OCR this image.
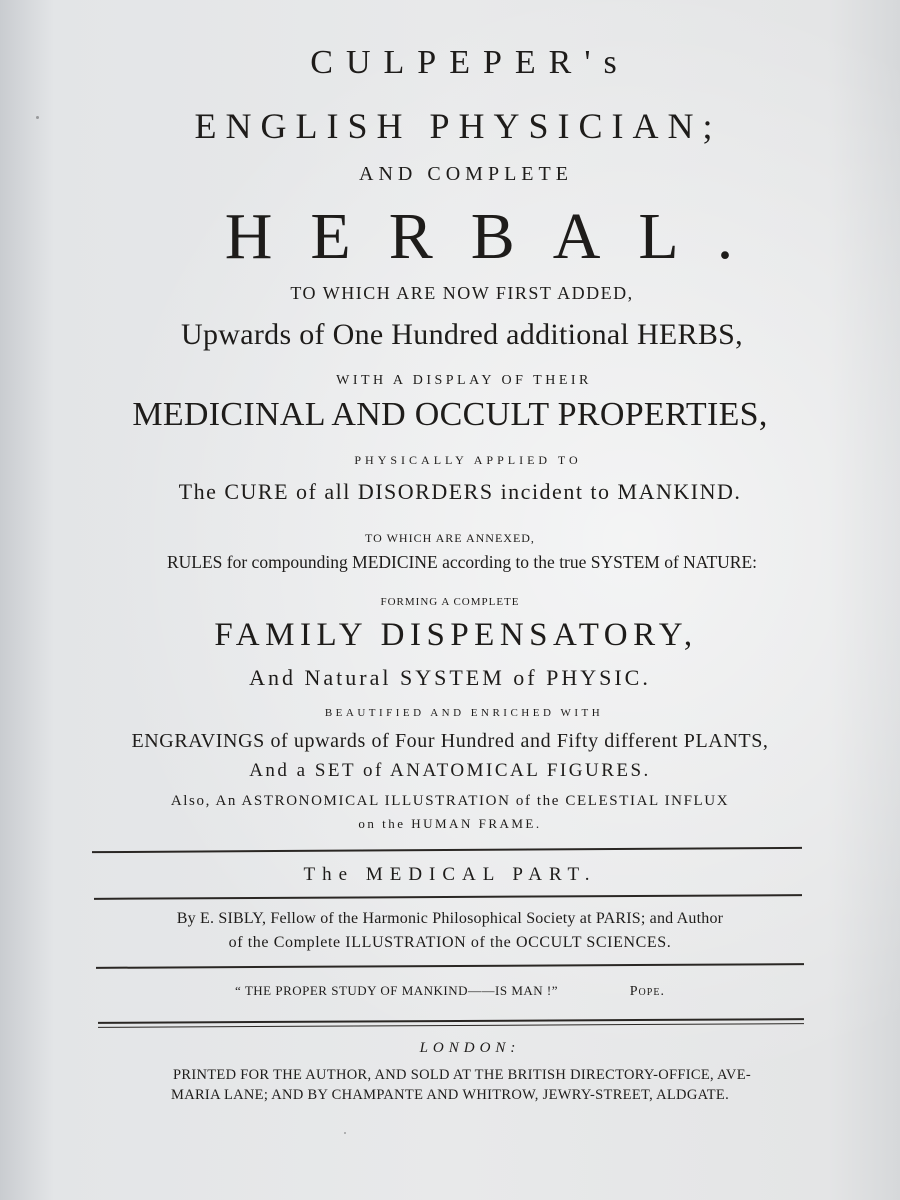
CULPEPER's
ENGLISH PHYSICIAN;
AND COMPLETE
HERBAL.
TO WHICH ARE NOW FIRST ADDED,
Upwards of One Hundred additional HERBS,
WITH A DISPLAY OF THEIR
MEDICINAL AND OCCULT PROPERTIES,
PHYSICALLY APPLIED TO
The CURE of all DISORDERS incident to MANKIND.
TO WHICH ARE ANNEXED,
RULES for compounding MEDICINE according to the true SYSTEM of NATURE:
FORMING A COMPLETE
FAMILY DISPENSATORY,
And Natural SYSTEM of PHYSIC.
BEAUTIFIED AND ENRICHED WITH
ENGRAVINGS of upwards of Four Hundred and Fifty different PLANTS,
And a SET of ANATOMICAL FIGURES.
Also, An ASTRONOMICAL ILLUSTRATION of the CELESTIAL INFLUX
on the HUMAN FRAME.
The MEDICAL PART.
By E. SIBLY, Fellow of the Harmonic Philosophical Society at PARIS; and Author
of the Complete ILLUSTRATION of the OCCULT SCIENCES.
“ THE PROPER STUDY OF MANKIND——IS MAN !”	Pope.
LONDON:
PRINTED FOR THE AUTHOR, AND SOLD AT THE BRITISH DIRECTORY-OFFICE, AVE-
MARIA LANE; AND BY CHAMPANTE AND WHITROW, JEWRY-STREET, ALDGATE.
